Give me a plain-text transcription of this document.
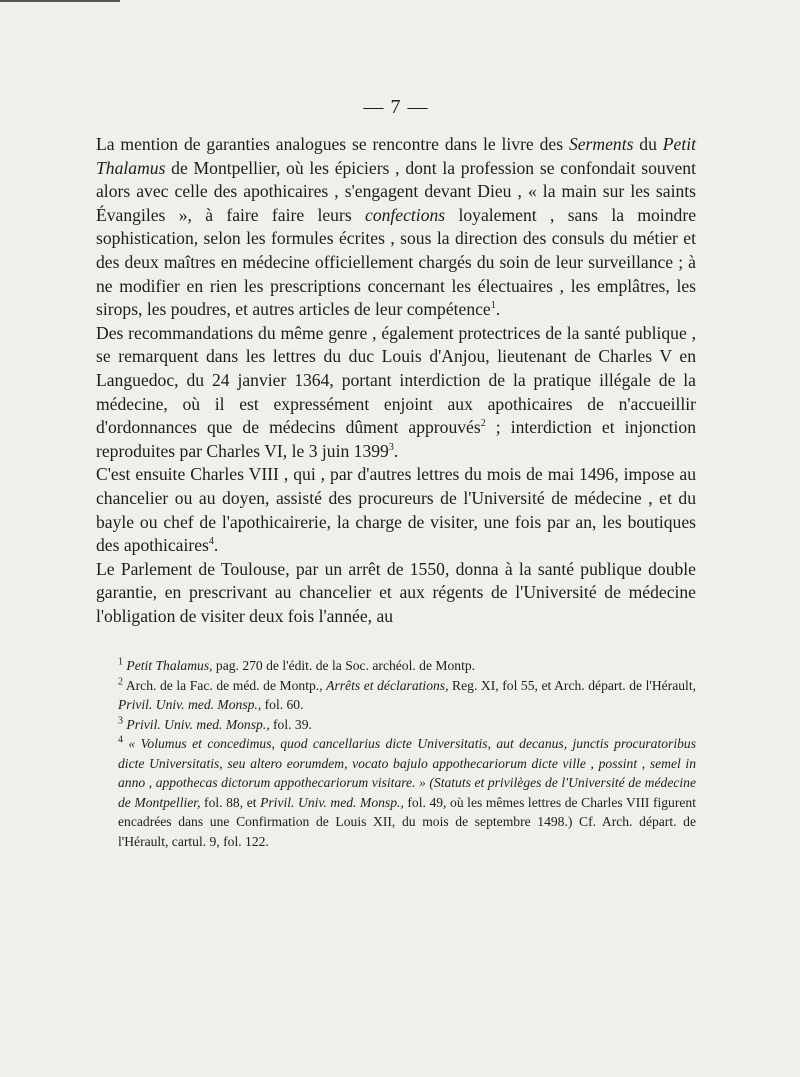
— 7 —

La mention de garanties analogues se rencontre dans le livre des Serments du Petit Thalamus de Montpellier, où les épiciers , dont la profession se confondait souvent alors avec celle des apothicaires , s'engagent devant Dieu , « la main sur les saints Évangiles », à faire faire leurs confections loyalement , sans la moindre sophistication, selon les formules écrites , sous la direction des consuls du métier et des deux maîtres en médecine officiellement chargés du soin de leur surveillance ; à ne modifier en rien les prescriptions concernant les électuaires , les emplâtres, les sirops, les poudres, et autres articles de leur compétence$^1$.

Des recommandations du même genre , également protectrices de la santé publique , se remarquent dans les lettres du duc Louis d'Anjou, lieutenant de Charles V en Languedoc, du 24 janvier 1364, portant interdiction de la pratique illégale de la médecine, où il est expressément enjoint aux apothicaires de n'accueillir d'ordonnances que de médecins dûment approuvés$^2$ ; interdiction et injonction reproduites par Charles VI, le 3 juin 1399$^3$.

C'est ensuite Charles VIII , qui , par d'autres lettres du mois de mai 1496, impose au chancelier ou au doyen, assisté des procureurs de l'Université de médecine , et du bayle ou chef de l'apothicairerie, la charge de visiter, une fois par an, les boutiques des apothicaires$^4$.

Le Parlement de Toulouse, par un arrêt de 1550, donna à la santé publique double garantie, en prescrivant au chancelier et aux régents de l'Université de médecine l'obligation de visiter deux fois l'année, au

$^1$ Petit Thalamus, pag. 270 de l'édit. de la Soc. archéol. de Montp.

$^2$ Arch. de la Fac. de méd. de Montp., Arrêts et déclarations, Reg. XI, fol 55, et Arch. départ. de l'Hérault, Privil. Univ. med. Monsp., fol. 60.

$^3$ Privil. Univ. med. Monsp., fol. 39.

$^4$ « Volumus et concedimus, quod cancellarius dicte Universitatis, aut decanus, junctis procuratoribus dicte Universitatis, seu altero eorumdem, vocato bajulo appothecariorum dicte ville , possint , semel in anno , appothecas dictorum appothecariorum visitare. » (Statuts et privilèges de l'Université de médecine de Montpellier, fol. 88, et Privil. Univ. med. Monsp., fol. 49, où les mêmes lettres de Charles VIII figurent encadrées dans une Confirmation de Louis XII, du mois de septembre 1498.) Cf. Arch. départ. de l'Hérault, cartul. 9, fol. 122.
